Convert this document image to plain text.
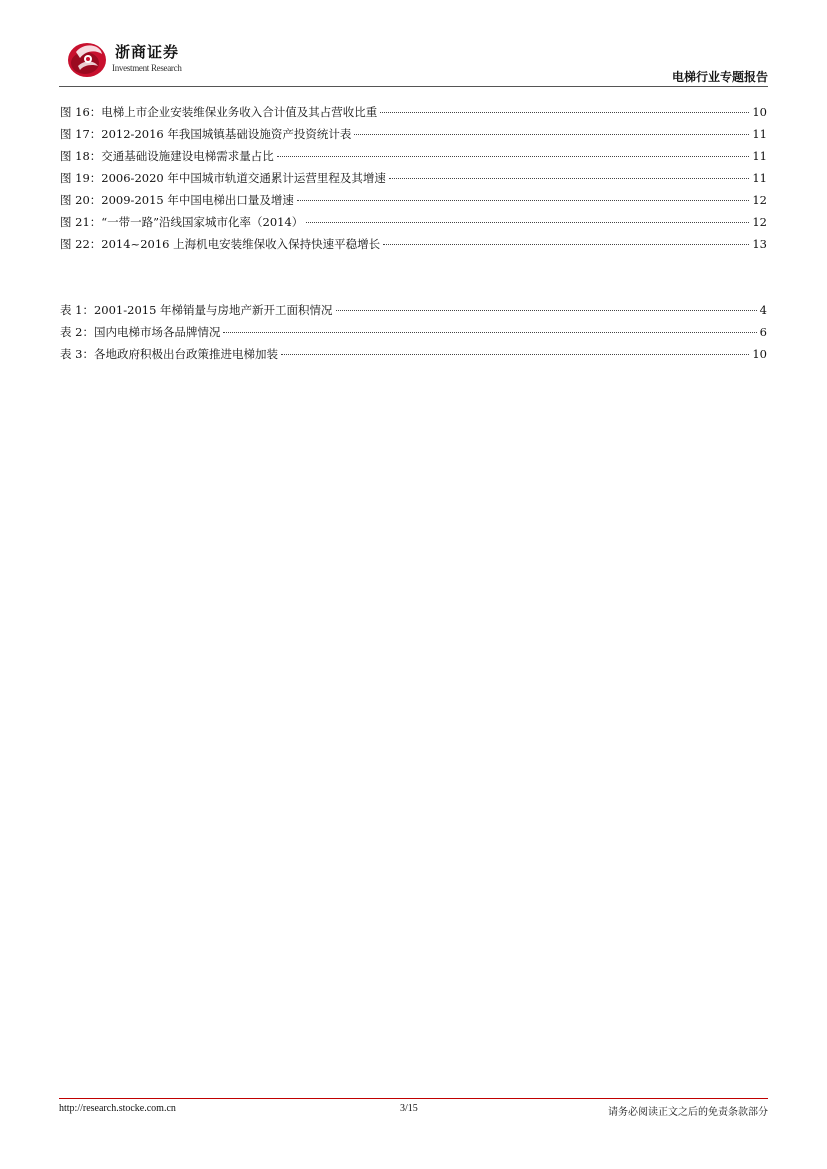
浙商证券
Investment Research
电梯行业专题报告
图 16：电梯上市企业安装维保业务收入合计值及其占营收比重	10
图 17：2012-2016 年我国城镇基础设施资产投资统计表	11
图 18：交通基础设施建设电梯需求量占比	11
图 19：2006-2020 年中国城市轨道交通累计运营里程及其增速	11
图 20：2009-2015 年中国电梯出口量及增速	12
图 21：“一带一路”沿线国家城市化率（2014）	12
图 22：2014~2016 上海机电安装维保收入保持快速平稳增长	13
表 1：2001-2015 年梯销量与房地产新开工面积情况	4
表 2：国内电梯市场各品牌情况	6
表 3：各地政府积极出台政策推进电梯加装	10
http://research.stocke.com.cn	3/15	请务必阅读正文之后的免责条款部分
